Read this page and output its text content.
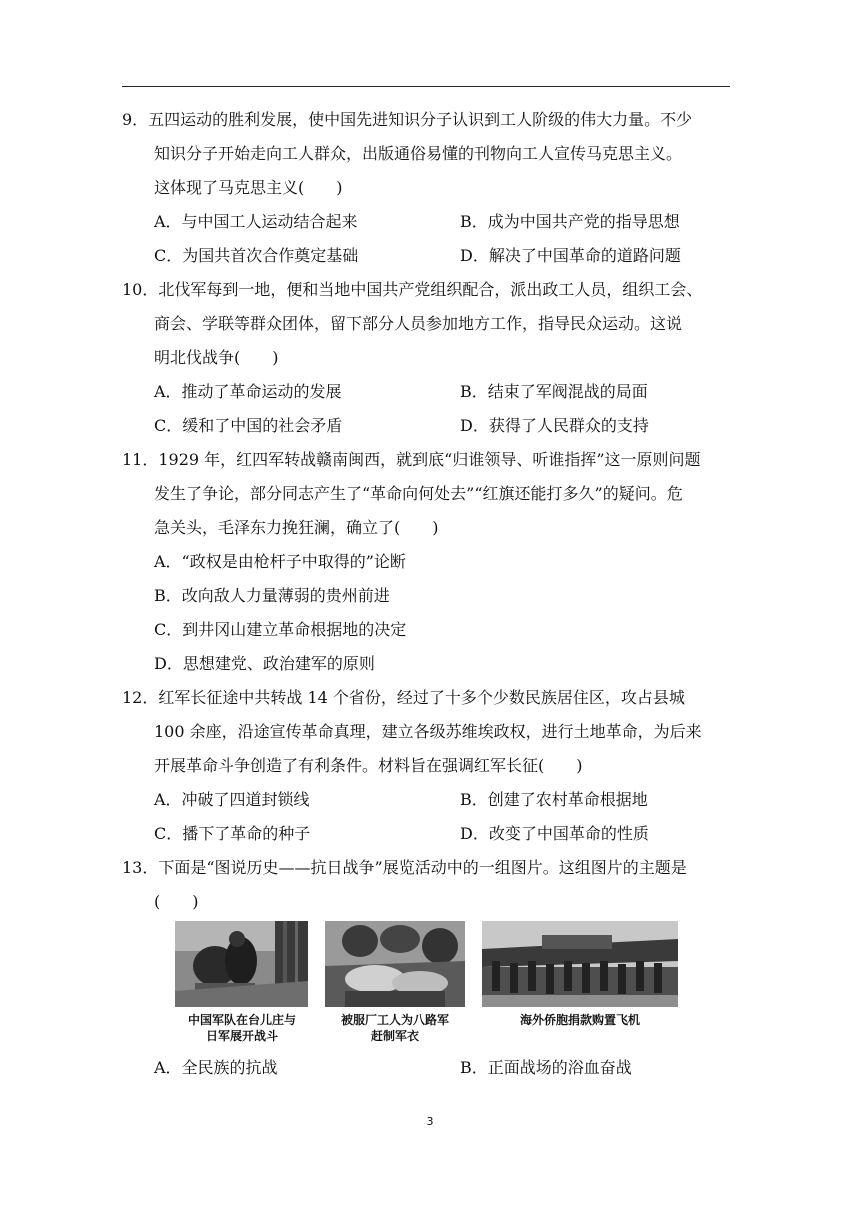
9．五四运动的胜利发展，使中国先进知识分子认识到工人阶级的伟大力量。不少
知识分子开始走向工人群众，出版通俗易懂的刊物向工人宣传马克思主义。
这体现了马克思主义(　　)
A．与中国工人运动结合起来	B．成为中国共产党的指导思想
C．为国共首次合作奠定基础	D．解决了中国革命的道路问题
10．北伐军每到一地，便和当地中国共产党组织配合，派出政工人员，组织工会、
商会、学联等群众团体，留下部分人员参加地方工作，指导民众运动。这说
明北伐战争(　　)
A．推动了革命运动的发展	B．结束了军阀混战的局面
C．缓和了中国的社会矛盾	D．获得了人民群众的支持
11．1929 年，红四军转战赣南闽西，就到底“归谁领导、听谁指挥”这一原则问题
发生了争论，部分同志产生了“革命向何处去”“红旗还能打多久”的疑问。危
急关头，毛泽东力挽狂澜，确立了(　　)
A．“政权是由枪杆子中取得的”论断
B．改向敌人力量薄弱的贵州前进
C．到井冈山建立革命根据地的决定
D．思想建党、政治建军的原则
12．红军长征途中共转战 14 个省份，经过了十多个少数民族居住区，攻占县城
100 余座，沿途宣传革命真理，建立各级苏维埃政权，进行土地革命，为后来
开展革命斗争创造了有利条件。材料旨在强调红军长征(　　)
A．冲破了四道封锁线	B．创建了农村革命根据地
C．播下了革命的种子	D．改变了中国革命的性质
13．下面是“图说历史——抗日战争”展览活动中的一组图片。这组图片的主题是
(　　)
中国军队在台儿庄与
日军展开战斗
被服厂工人为八路军
赶制军衣
海外侨胞捐款购置飞机
A．全民族的抗战	B．正面战场的浴血奋战
3
